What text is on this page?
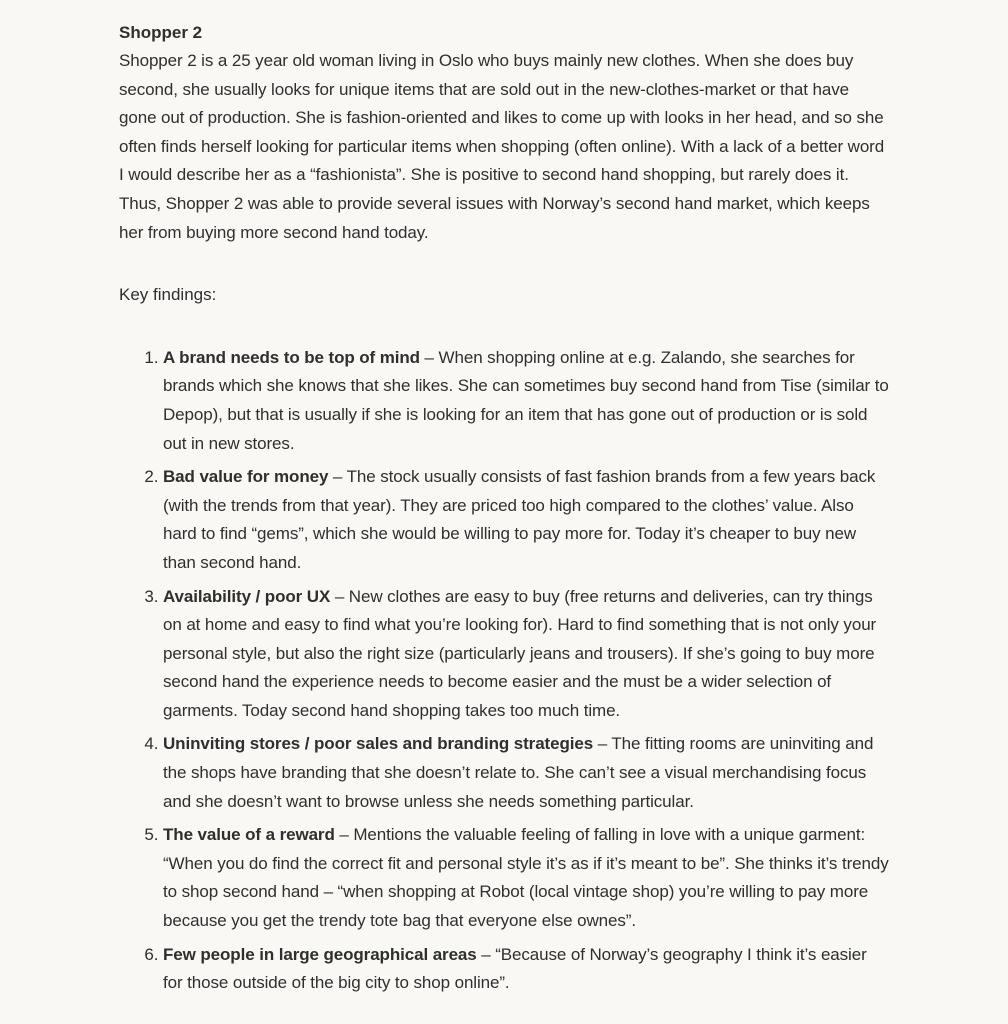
Shopper 2

Shopper 2 is a 25 year old woman living in Oslo who buys mainly new clothes. When she does buy second, she usually looks for unique items that are sold out in the new-clothes-market or that have gone out of production. She is fashion-oriented and likes to come up with looks in her head, and so she often finds herself looking for particular items when shopping (often online). With a lack of a better word I would describe her as a “fashionista”. She is positive to second hand shopping, but rarely does it. Thus, Shopper 2 was able to provide several issues with Norway’s second hand market, which keeps her from buying more second hand today.

Key findings:

1. A brand needs to be top of mind – When shopping online at e.g. Zalando, she searches for brands which she knows that she likes. She can sometimes buy second hand from Tise (similar to Depop), but that is usually if she is looking for an item that has gone out of production or is sold out in new stores.
2. Bad value for money – The stock usually consists of fast fashion brands from a few years back (with the trends from that year). They are priced too high compared to the clothes’ value. Also hard to find “gems”, which she would be willing to pay more for. Today it’s cheaper to buy new than second hand.
3. Availability / poor UX – New clothes are easy to buy (free returns and deliveries, can try things on at home and easy to find what you’re looking for). Hard to find something that is not only your personal style, but also the right size (particularly jeans and trousers). If she’s going to buy more second hand the experience needs to become easier and the must be a wider selection of garments. Today second hand shopping takes too much time.
4. Uninviting stores / poor sales and branding strategies – The fitting rooms are uninviting and the shops have branding that she doesn’t relate to. She can’t see a visual merchandising focus and she doesn’t want to browse unless she needs something particular.
5. The value of a reward – Mentions the valuable feeling of falling in love with a unique garment: “When you do find the correct fit and personal style it’s as if it’s meant to be”. She thinks it’s trendy to shop second hand – “when shopping at Robot (local vintage shop) you’re willing to pay more because you get the trendy tote bag that everyone else ownes”.
6. Few people in large geographical areas – “Because of Norway’s geography I think it’s easier for those outside of the big city to shop online”.
